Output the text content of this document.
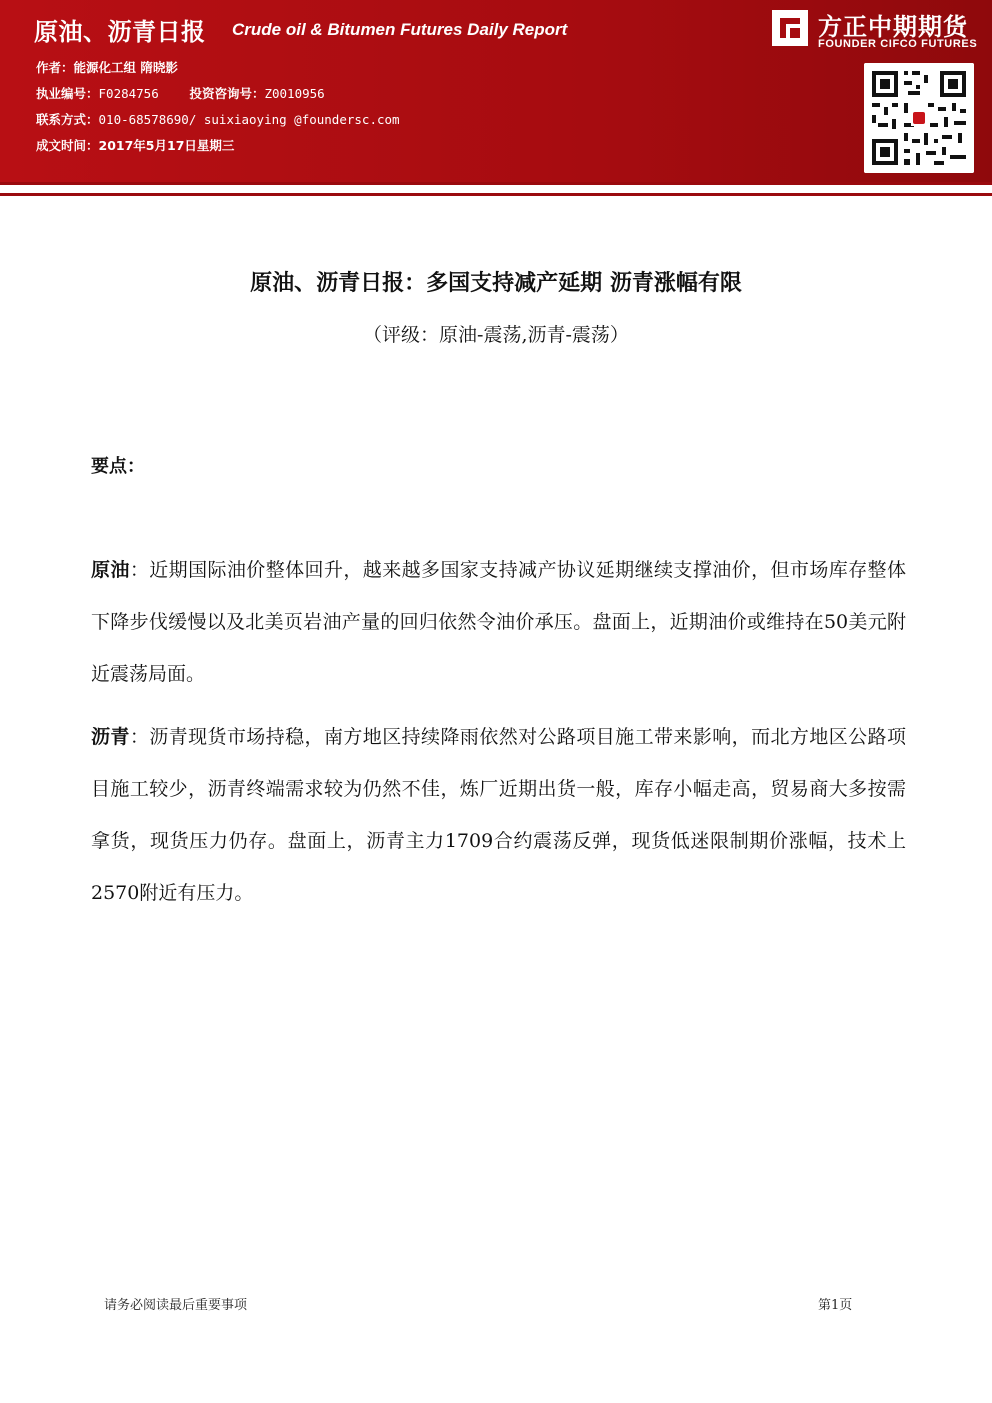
原油、沥青日报 Crude oil & Bitumen Futures Daily Report
作者：能源化工组 隋晓影
执业编号：F0284756 投资咨询号：Z0010956
联系方式：010-68578690/ suixiaoying @foundersc.com
成文时间：2017年5月17日星期三
方正中期期货
FOUNDER CIFCO FUTURES
原油、沥青日报：多国支持减产延期 沥青涨幅有限
（评级：原油-震荡,沥青-震荡）
要点：
原油：近期国际油价整体回升，越来越多国家支持减产协议延期继续支撑油价，但市场库存整体下降步伐缓慢以及北美页岩油产量的回归依然令油价承压。盘面上，近期油价或维持在50美元附近震荡局面。
沥青：沥青现货市场持稳，南方地区持续降雨依然对公路项目施工带来影响，而北方地区公路项目施工较少，沥青终端需求较为仍然不佳，炼厂近期出货一般，库存小幅走高，贸易商大多按需拿货，现货压力仍存。盘面上，沥青主力1709合约震荡反弹，现货低迷限制期价涨幅，技术上2570附近有压力。
请务必阅读最后重要事项	第1页
